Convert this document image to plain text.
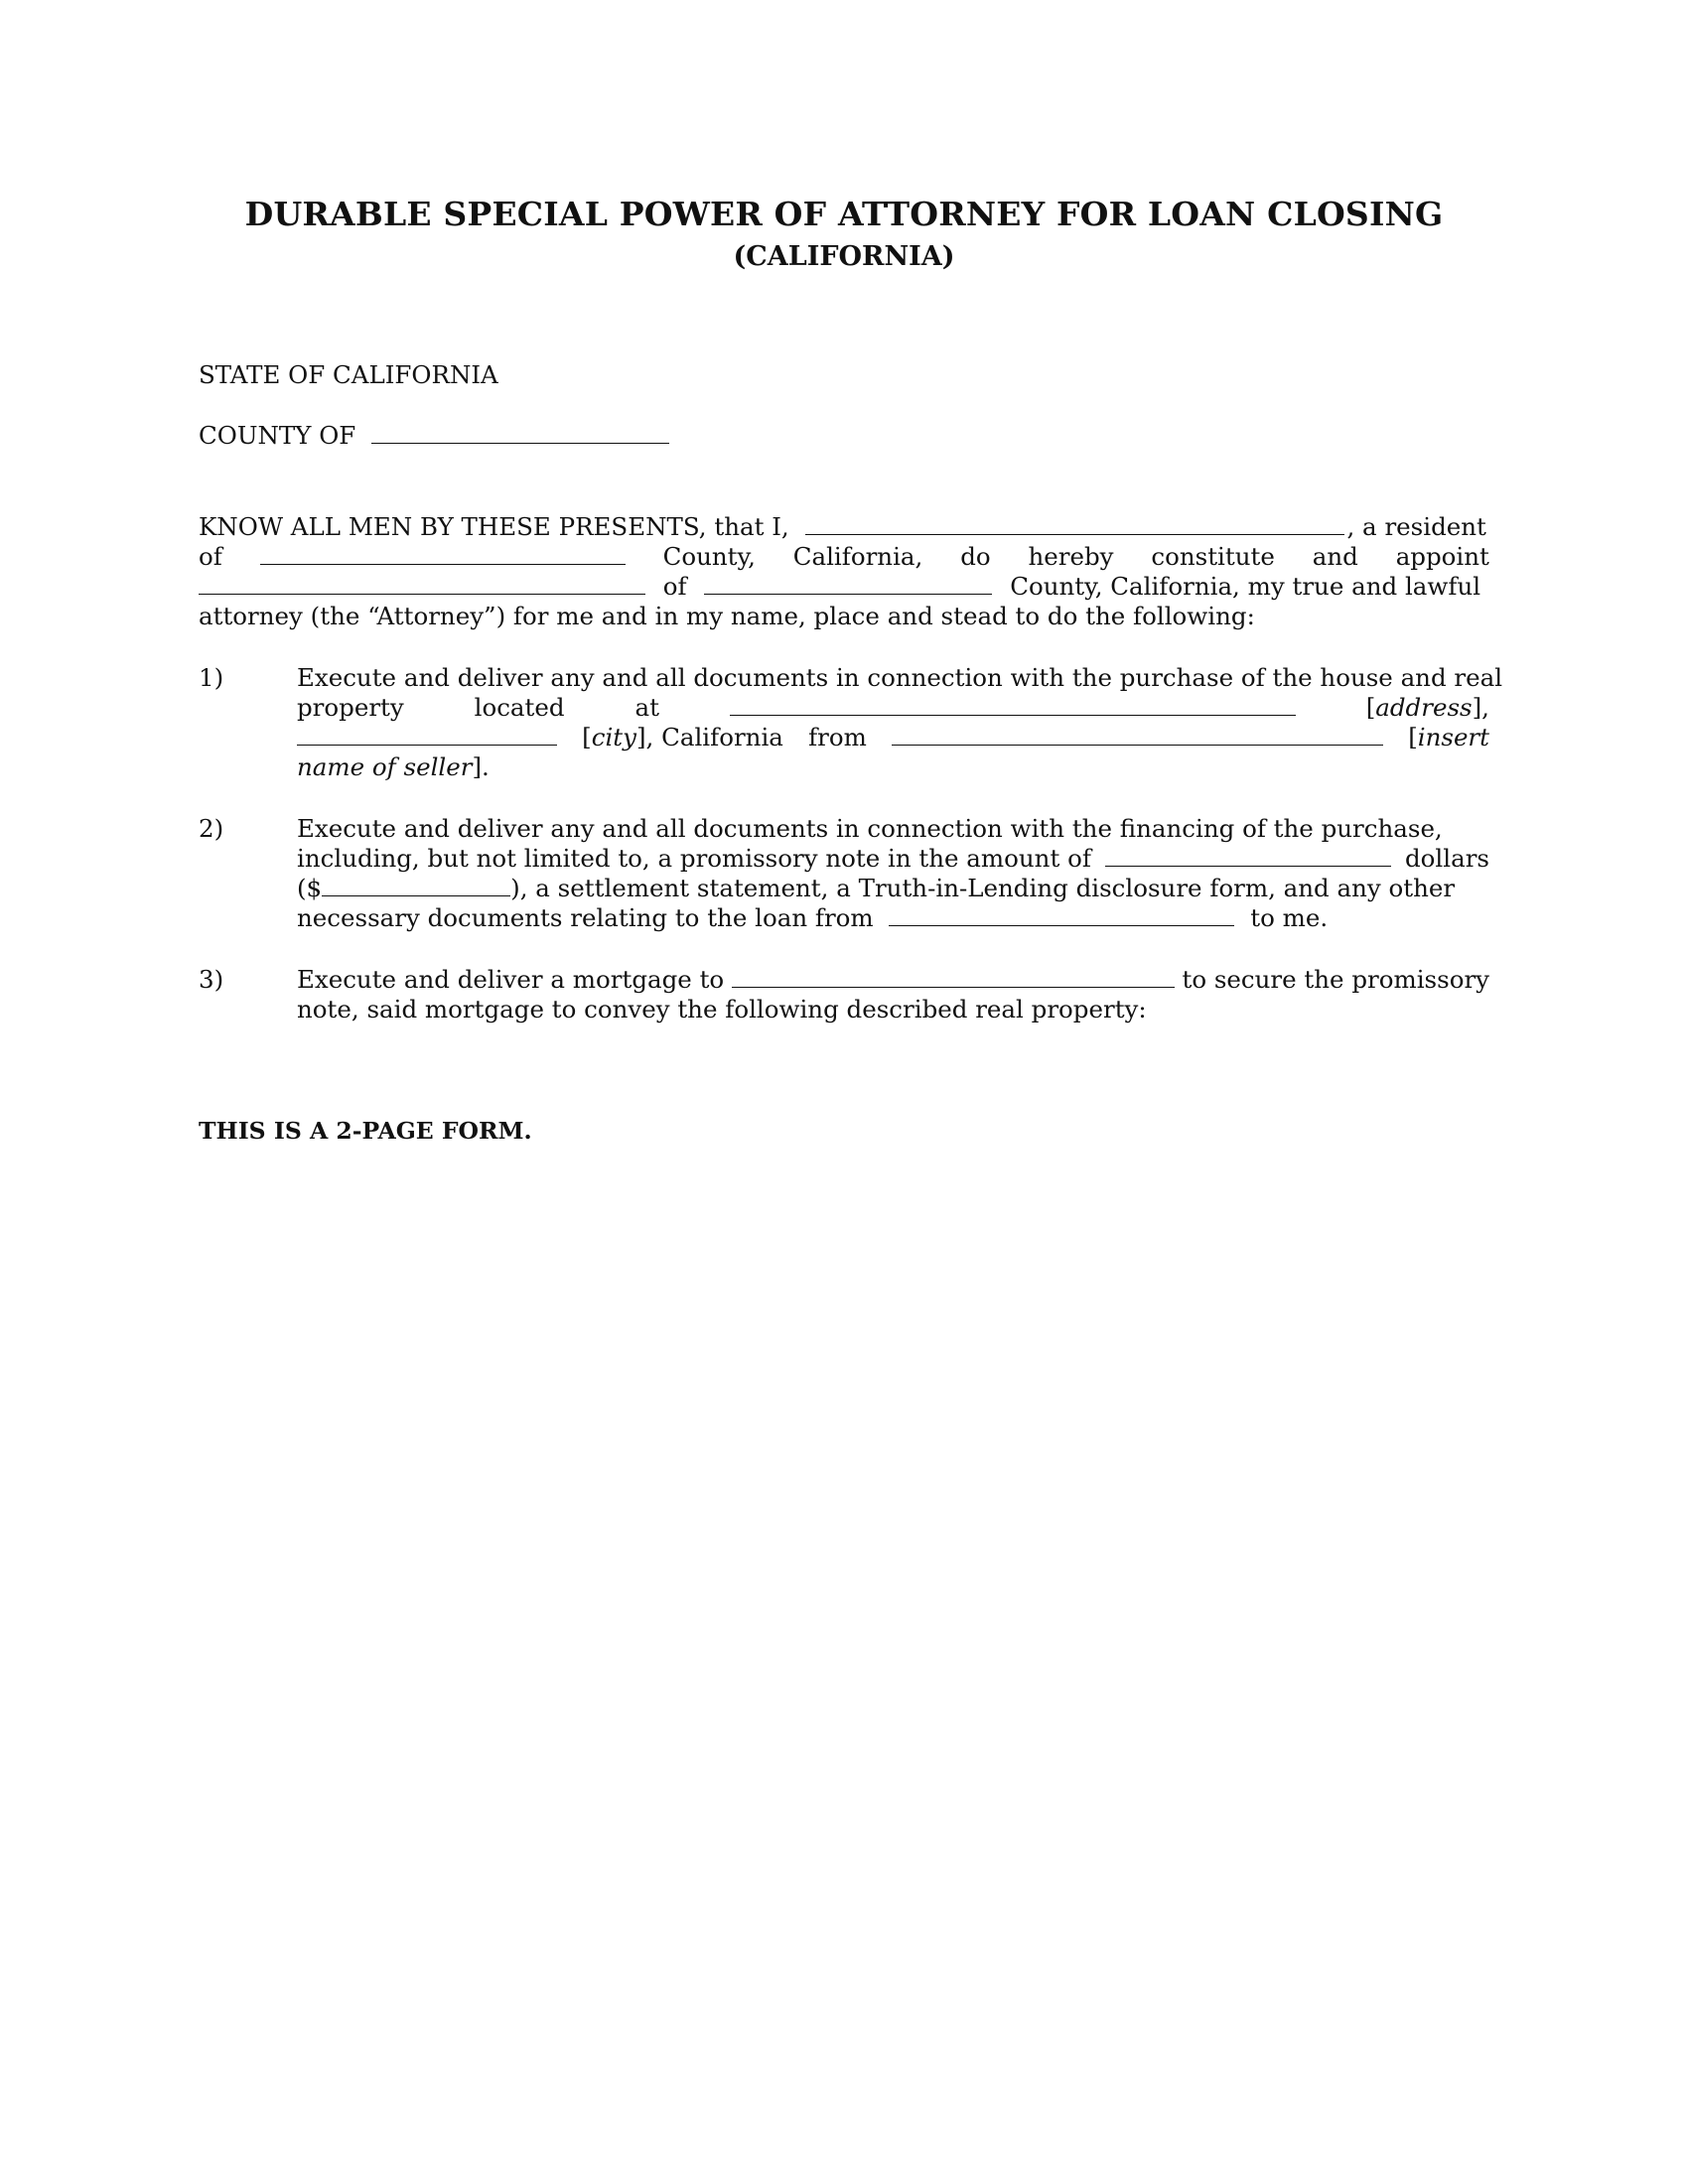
DURABLE SPECIAL POWER OF ATTORNEY FOR LOAN CLOSING
(CALIFORNIA)
STATE OF CALIFORNIA
COUNTY OF
KNOW ALL MEN BY THESE PRESENTS, that I,	, a resident
of	County, California, do hereby constitute and appoint
of	County, California, my true and lawful
attorney (the “Attorney”) for me and in my name, place and stead to do the following:
1)	Execute and deliver any and all documents in connection with the purchase of the house and real
property	located	at	[address],
[city], California from	[insert
name of seller].
2)	Execute and deliver any and all documents in connection with the financing of the purchase,
including, but not limited to, a promissory note in the amount of	dollars
($	), a settlement statement, a Truth-in-Lending disclosure form, and any other
necessary documents relating to the loan from	to me.
3)	Execute and deliver a mortgage to	to secure the promissory
note, said mortgage to convey the following described real property:
THIS IS A 2-PAGE FORM.
